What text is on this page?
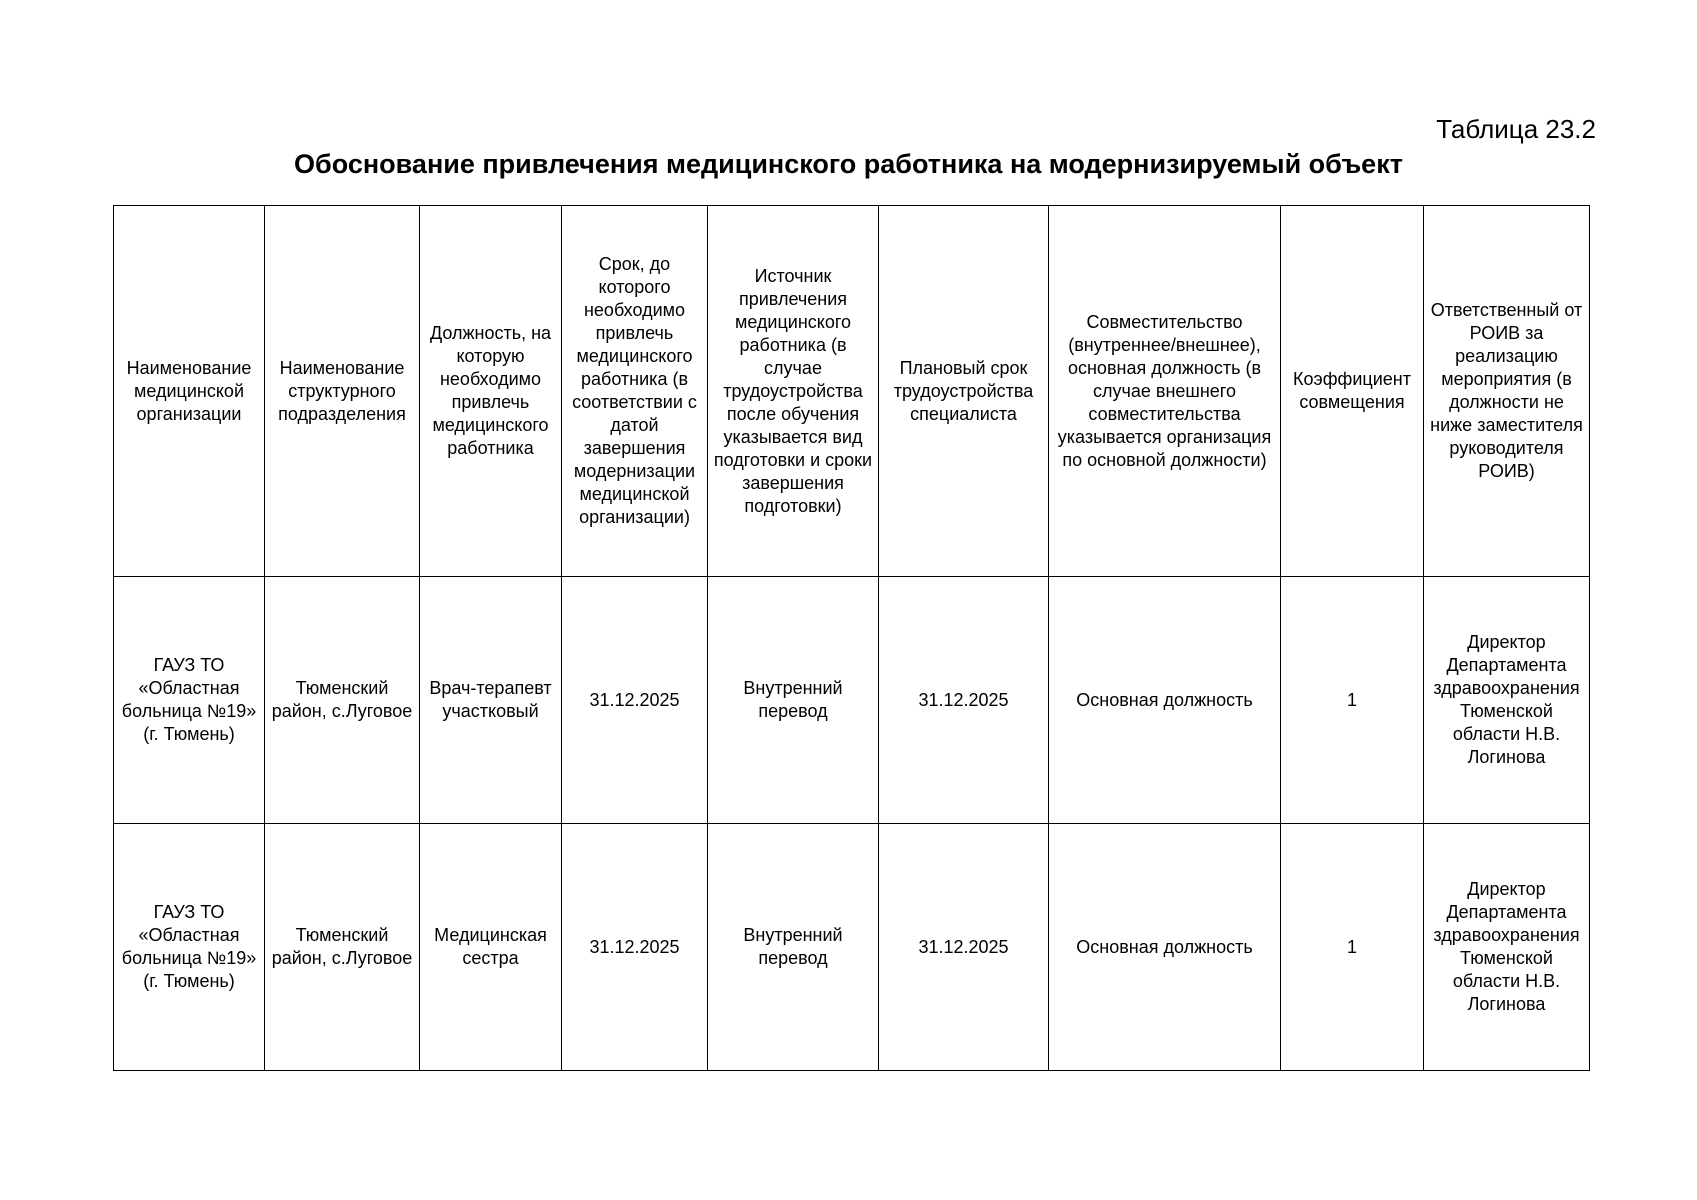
Таблица 23.2
Обоснование привлечения медицинского работника на модернизируемый объект
Наименование медицинской организации	Наименование структурного подразделения	Должность, на которую необходимо привлечь медицинского работника	Срок, до которого необходимо привлечь медицинского работника (в соответствии с датой завершения модернизации медицинской организации)	Источник привлечения медицинского работника (в случае трудоустройства после обучения указывается вид подготовки и сроки завершения подготовки)	Плановый срок трудоустройства специалиста	Совместительство (внутреннее/внешнее), основная должность (в случае внешнего совместительства указывается организация по основной должности)	Коэффициент совмещения	Ответственный от РОИВ за реализацию мероприятия (в должности не ниже заместителя руководителя РОИВ)
ГАУЗ ТО «Областная больница №19» (г. Тюмень)	Тюменский район, с.Луговое	Врач-терапевт участковый	31.12.2025	Внутренний перевод	31.12.2025	Основная должность	1	Директор Департамента здравоохранения Тюменской области Н.В. Логинова
ГАУЗ ТО «Областная больница №19» (г. Тюмень)	Тюменский район, с.Луговое	Медицинская сестра	31.12.2025	Внутренний перевод	31.12.2025	Основная должность	1	Директор Департамента здравоохранения Тюменской области Н.В. Логинова
